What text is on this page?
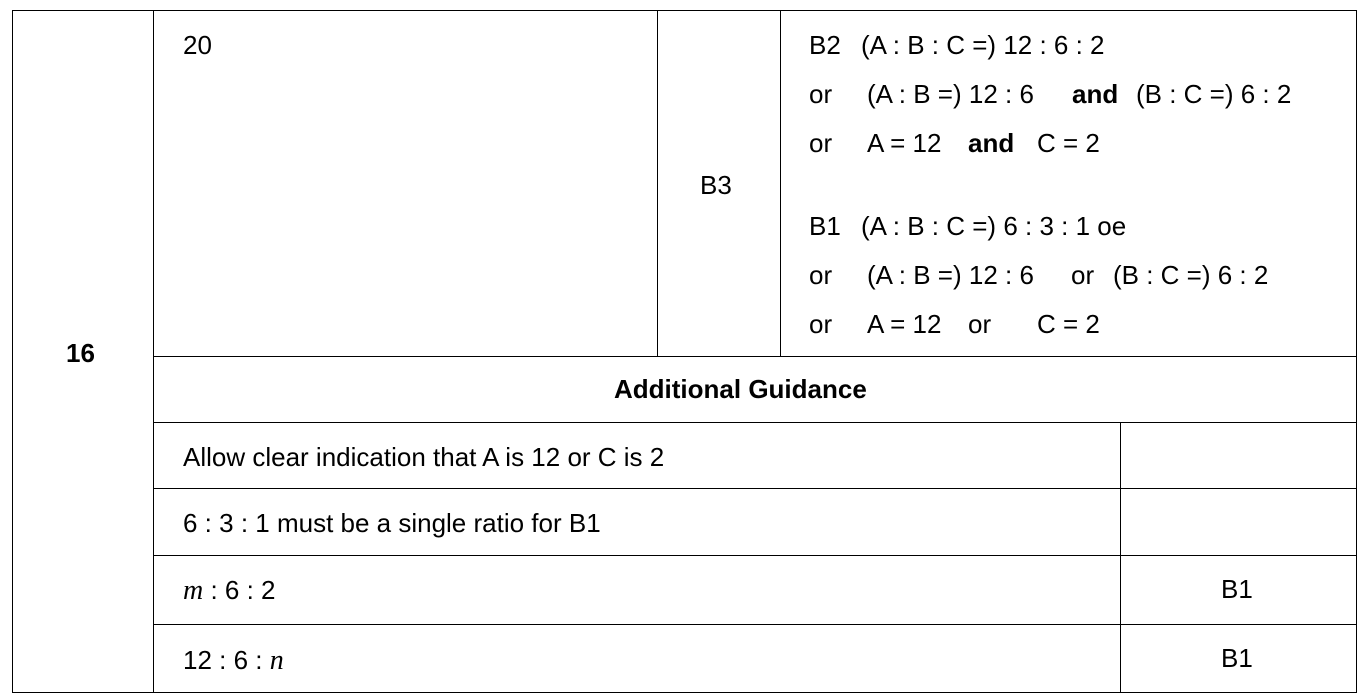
16
20
B3
B2 (A : B : C =) 12 : 6 : 2
or (A : B =) 12 : 6 and (B : C =) 6 : 2
or A = 12 and C = 2
B1 (A : B : C =) 6 : 3 : 1 oe
or (A : B =) 12 : 6 or (B : C =) 6 : 2
or A = 12 or C = 2
Additional Guidance
Allow clear indication that A is 12 or C is 2
6 : 3 : 1 must be a single ratio for B1
m : 6 : 2	B1
12 : 6 : n	B1
